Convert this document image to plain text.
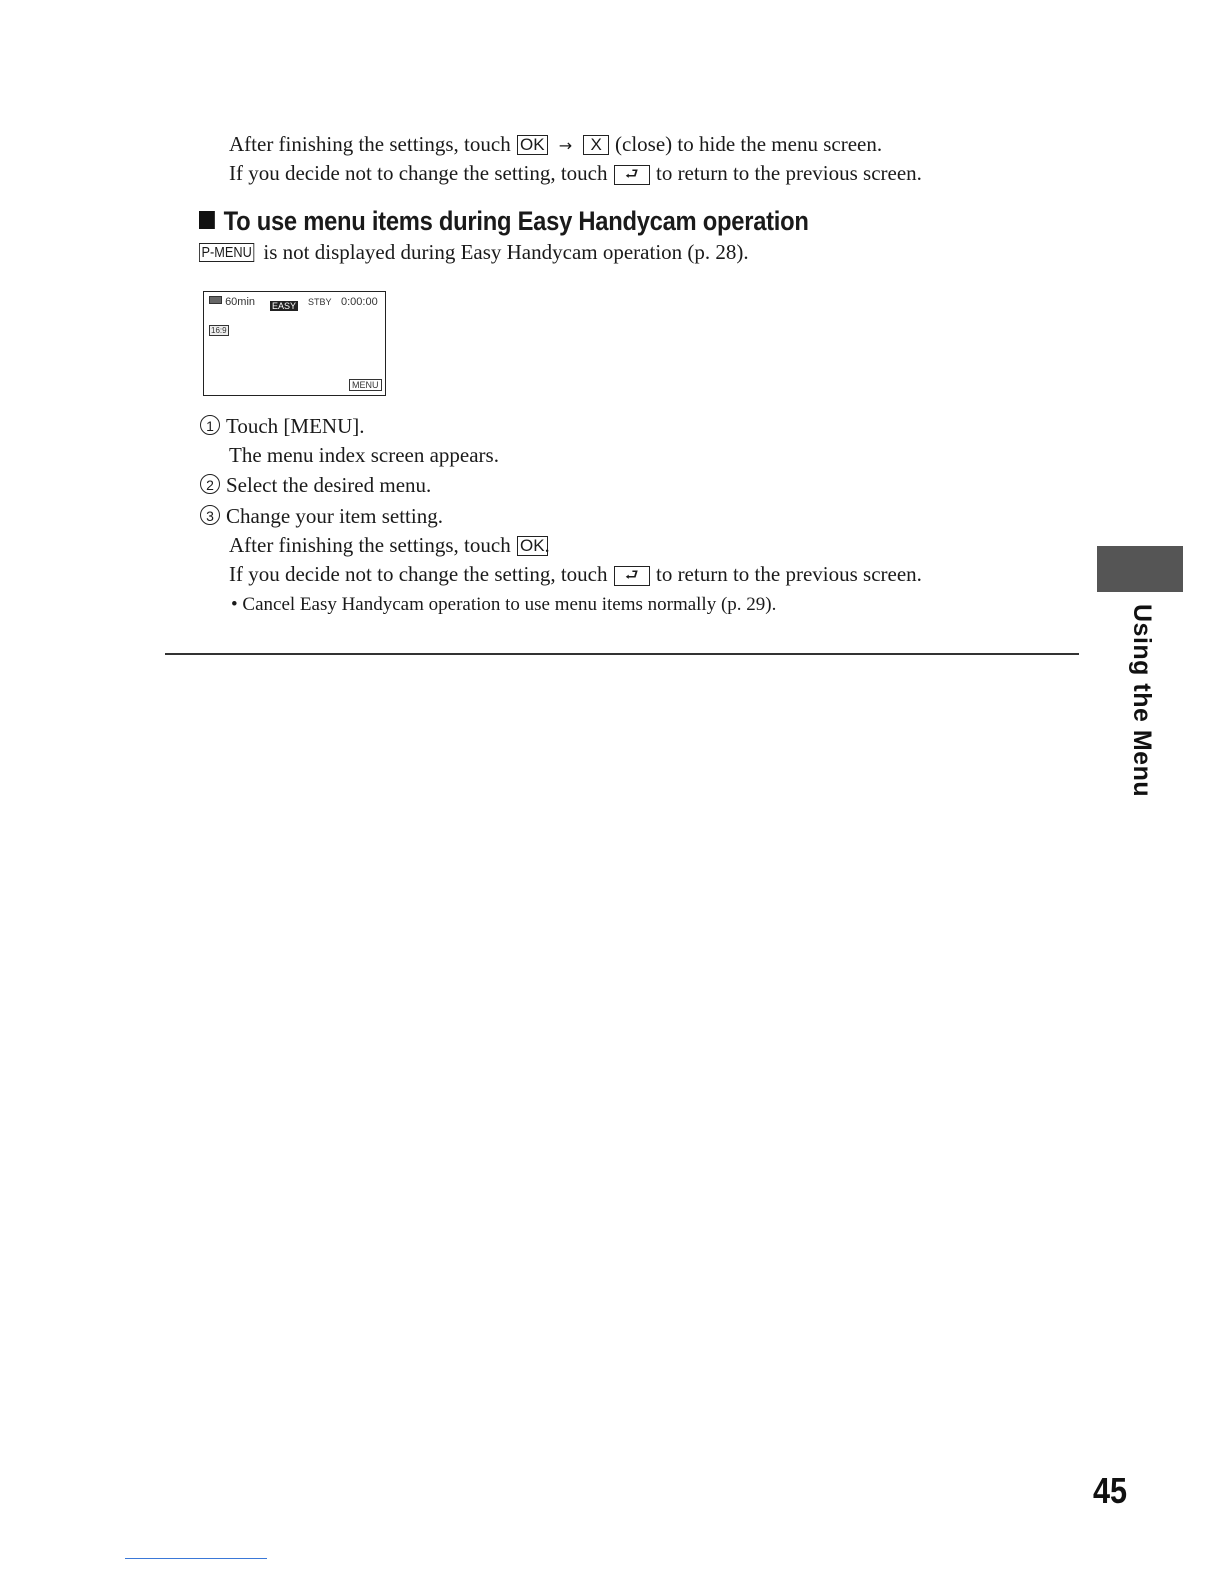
After finishing the settings, touch OK → X (close) to hide the menu screen.
If you decide not to change the setting, touch ⮐ to return to the previous screen.
To use menu items during Easy Handycam operation
P-MENU is not displayed during Easy Handycam operation (p. 28).
60min EASY STBY 0:00:00
16:9
MENU
1 Touch [MENU].
The menu index screen appears.
2 Select the desired menu.
3 Change your item setting.
After finishing the settings, touch OK.
If you decide not to change the setting, touch ⮐ to return to the previous screen.
• Cancel Easy Handycam operation to use menu items normally (p. 29).	Using the Menu
45
